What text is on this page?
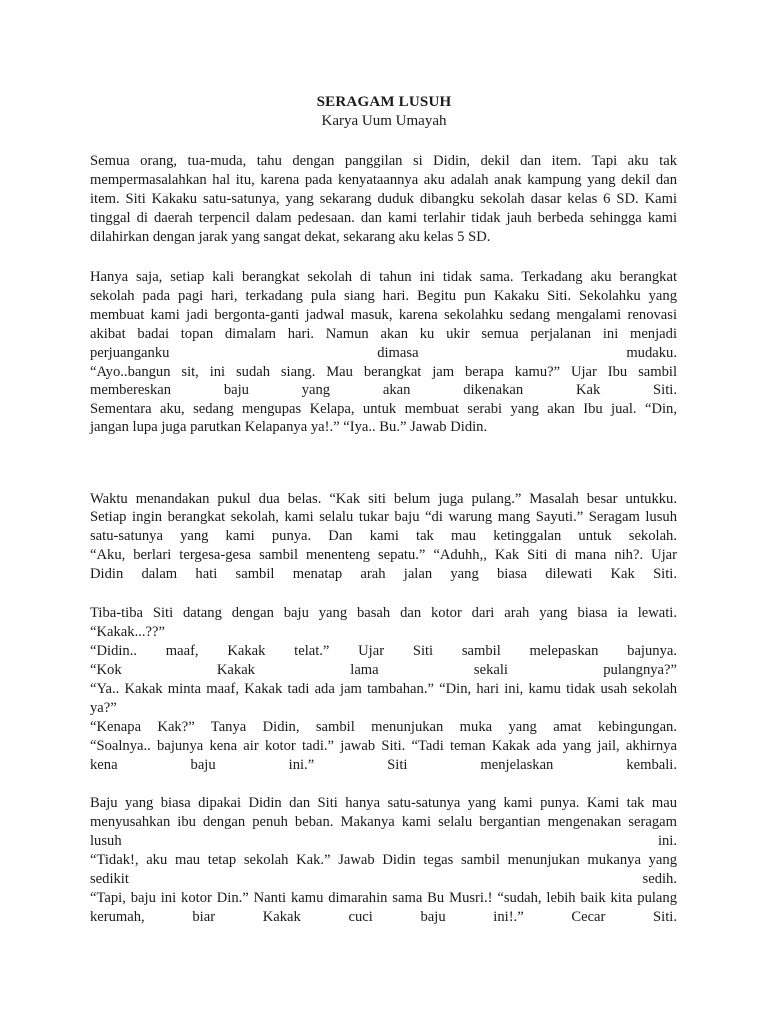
SERAGAM LUSUH
Karya Uum Umayah
Semua orang, tua-muda, tahu dengan panggilan si Didin, dekil dan item. Tapi aku tak
mempermasalahkan hal itu, karena pada kenyataannya aku adalah anak kampung yang dekil dan
item. Siti Kakaku satu-satunya, yang sekarang duduk dibangku sekolah dasar kelas 6 SD. Kami
tinggal di daerah terpencil dalam pedesaan. dan kami terlahir tidak jauh berbeda sehingga kami
dilahirkan dengan jarak yang sangat dekat, sekarang aku kelas 5 SD.
Hanya saja, setiap kali berangkat sekolah di tahun ini tidak sama. Terkadang aku berangkat
sekolah pada pagi hari, terkadang pula siang hari. Begitu pun Kakaku Siti. Sekolahku yang
membuat kami jadi bergonta-ganti jadwal masuk, karena sekolahku sedang mengalami renovasi
akibat badai topan dimalam hari. Namun akan ku ukir semua perjalanan ini menjadi
perjuanganku dimasa mudaku.
“Ayo..bangun sit, ini sudah siang. Mau berangkat jam berapa kamu?” Ujar Ibu sambil
membereskan baju yang akan dikenakan Kak Siti.
Sementara aku, sedang mengupas Kelapa, untuk membuat serabi yang akan Ibu jual. “Din,
jangan lupa juga parutkan Kelapanya ya!.” “Iya.. Bu.” Jawab Didin.
Waktu menandakan pukul dua belas. “Kak siti belum juga pulang.” Masalah besar untukku.
Setiap ingin berangkat sekolah, kami selalu tukar baju “di warung mang Sayuti.” Seragam lusuh
satu-satunya yang kami punya. Dan kami tak mau ketinggalan untuk sekolah.
“Aku, berlari tergesa-gesa sambil menenteng sepatu.” “Aduhh,, Kak Siti di mana nih?. Ujar
Didin dalam hati sambil menatap arah jalan yang biasa dilewati Kak Siti.
Tiba-tiba Siti datang dengan baju yang basah dan kotor dari arah yang biasa ia lewati.
“Kakak...??”
“Didin.. maaf, Kakak telat.” Ujar Siti sambil melepaskan bajunya.
“Kok Kakak lama sekali pulangnya?”
“Ya.. Kakak minta maaf, Kakak tadi ada jam tambahan.” “Din, hari ini, kamu tidak usah sekolah
ya?”
“Kenapa Kak?” Tanya Didin, sambil menunjukan muka yang amat kebingungan.
“Soalnya.. bajunya kena air kotor tadi.” jawab Siti. “Tadi teman Kakak ada yang jail, akhirnya
kena baju ini.” Siti menjelaskan kembali.
Baju yang biasa dipakai Didin dan Siti hanya satu-satunya yang kami punya. Kami tak mau
menyusahkan ibu dengan penuh beban. Makanya kami selalu bergantian mengenakan seragam
lusuh	ini.
“Tidak!, aku mau tetap sekolah Kak.” Jawab Didin tegas sambil menunjukan mukanya yang
sedikit	sedih.
“Tapi, baju ini kotor Din.” Nanti kamu dimarahin sama Bu Musri.! “sudah, lebih baik kita pulang
kerumah, biar Kakak cuci baju ini!.” Cecar Siti.
